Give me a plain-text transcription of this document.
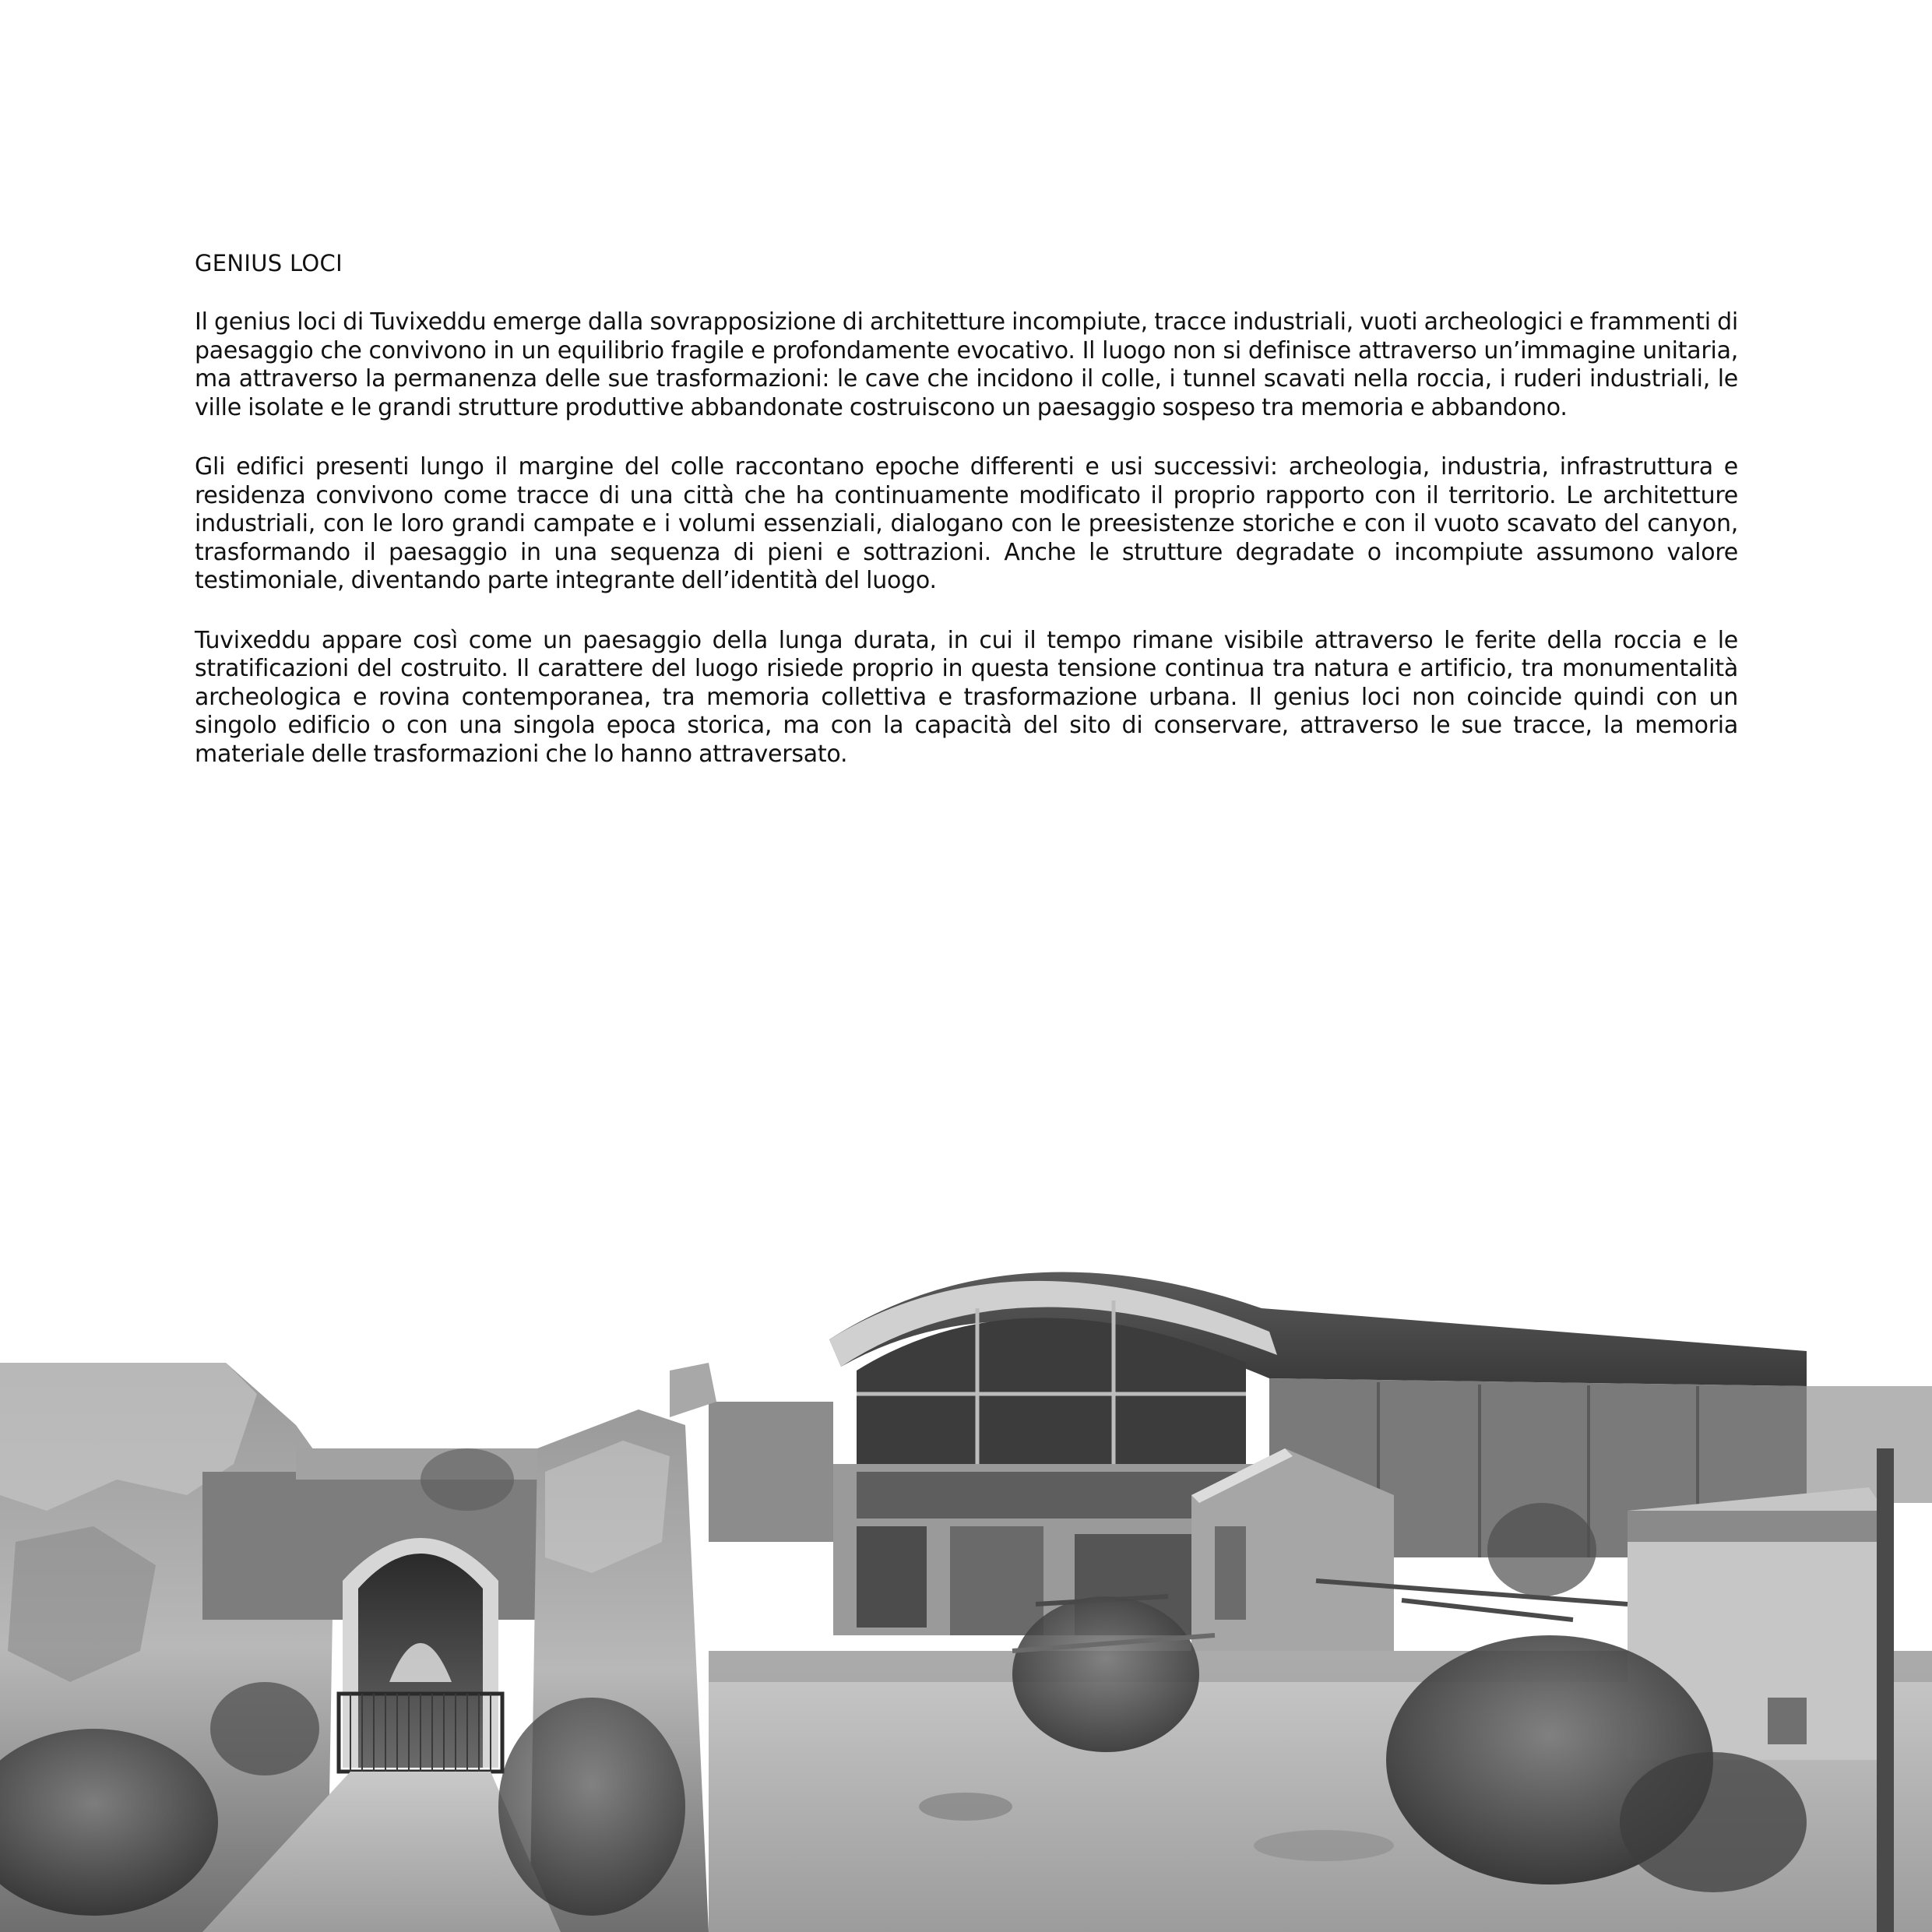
GENIUS LOCI

Il genius loci di Tuvixeddu emerge dalla sovrapposizione di architetture incompiute, tracce industriali, vuoti archeologici e frammenti di paesaggio che convivono in un equilibrio fragile e profondamente evocativo. Il luogo non si definisce attraverso un’immagine unitaria, ma attraverso la permanenza delle sue trasformazioni: le cave che incidono il colle, i tunnel scavati nella roccia, i ruderi industriali, le ville isolate e le grandi strutture produttive abbandonate costruiscono un paesaggio sospeso tra memoria e abbandono.

Gli edifici presenti lungo il margine del colle raccontano epoche differenti e usi successivi: archeologia, industria, infrastruttura e residenza convivono come tracce di una città che ha continuamente modificato il proprio rapporto con il territorio. Le architetture industriali, con le loro grandi campate e i volumi essenziali, dialogano con le preesistenze storiche e con il vuoto scavato del canyon, trasformando il paesaggio in una sequenza di pieni e sottrazioni. Anche le strutture degradate o incompiute assumono valore testimoniale, diventando parte integrante dell’identità del luogo.

Tuvixeddu appare così come un paesaggio della lunga durata, in cui il tempo rimane visibile attraverso le ferite della roccia e le stratificazioni del costruito. Il carattere del luogo risiede proprio in questa tensione continua tra natura e artificio, tra monumentalità archeologica e rovina contemporanea, tra memoria collettiva e trasformazione urbana. Il genius loci non coincide quindi con un singolo edificio o con una singola epoca storica, ma con la capacità del sito di conservare, attraverso le sue tracce, la memoria materiale delle trasformazioni che lo hanno attraversato.
